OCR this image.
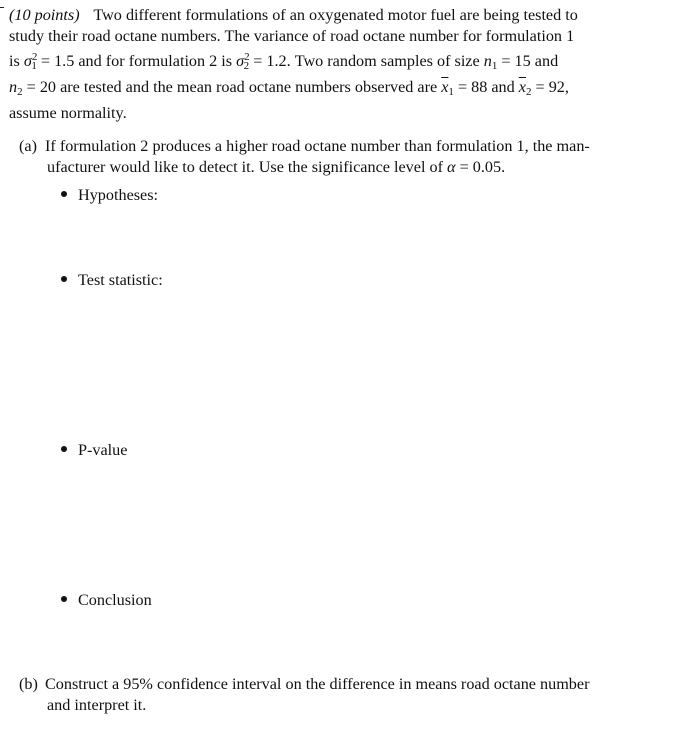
(10 points) Two different formulations of an oxygenated motor fuel are being tested to
study their road octane numbers. The variance of road octane number for formulation 1
is $\sigma^2_1 = 1.5$ and for formulation 2 is $\sigma^2_2 = 1.2$. Two random samples of size $n_1 = 15$ and
$n_2 = 20$ are tested and the mean road octane numbers observed are $\overline{x}_1 = 88$ and $\overline{x}_2 = 92$,
assume normality.
(a) If formulation 2 produces a higher road octane number than formulation 1, the man-
ufacturer would like to detect it. Use the significance level of α = 0.05.
Hypotheses:
Test statistic:
P-value
Conclusion
(b) Construct a 95% confidence interval on the difference in means road octane number
and interpret it.
